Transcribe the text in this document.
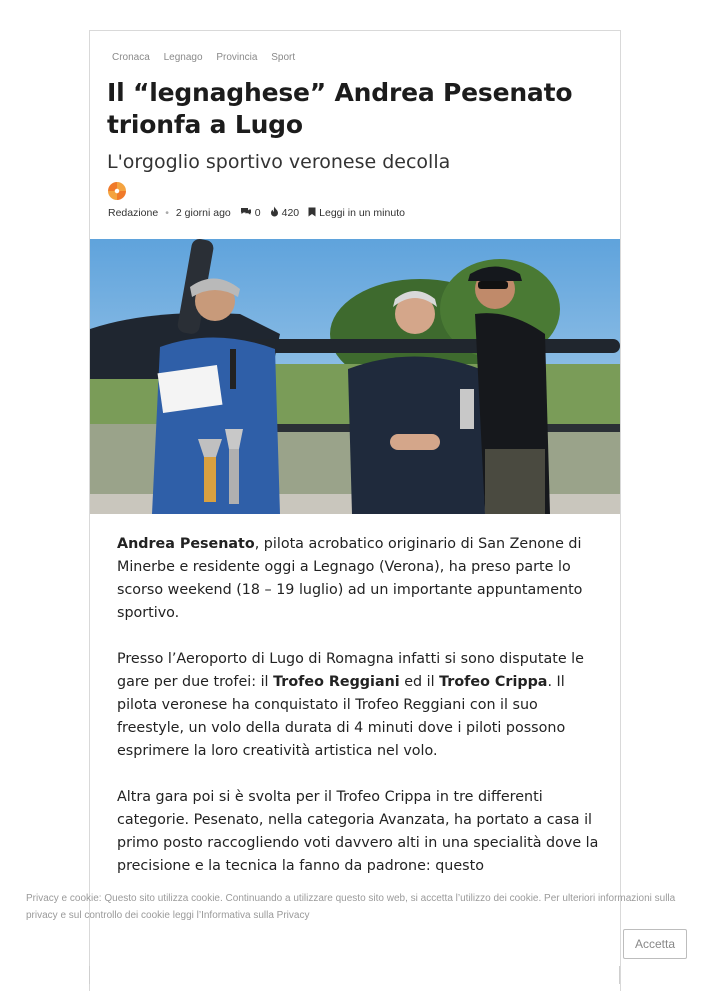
Cronaca Legnago Provincia Sport
Il “legnaghese” Andrea Pesenato trionfa a Lugo
L'orgoglio sportivo veronese decolla
Redazione • 2 giorni ago 0 420 Leggi in un minuto

Andrea Pesenato, pilota acrobatico originario di San Zenone di Minerbe e residente oggi a Legnago (Verona), ha preso parte lo scorso weekend (18 – 19 luglio) ad un importante appuntamento sportivo.

Presso l’Aeroporto di Lugo di Romagna infatti si sono disputate le gare per due trofei: il Trofeo Reggiani ed il Trofeo Crippa. Il pilota veronese ha conquistato il Trofeo Reggiani con il suo freestyle, un volo della durata di 4 minuti dove i piloti possono esprimere la loro creatività artistica nel volo.

Altra gara poi si è svolta per il Trofeo Crippa in tre differenti categorie. Pesenato, nella categoria Avanzata, ha portato a casa il primo posto raccogliendo voti davvero alti in una specialità dove la precisione e la tecnica la fanno da padrone: questo

Privacy e cookie: Questo sito utilizza cookie. Continuando a utilizzare questo sito web, si accetta l’utilizzo dei cookie. Per ulteriori informazioni sulla privacy e sul controllo dei cookie leggi l’Informativa sulla Privacy
Accetta
